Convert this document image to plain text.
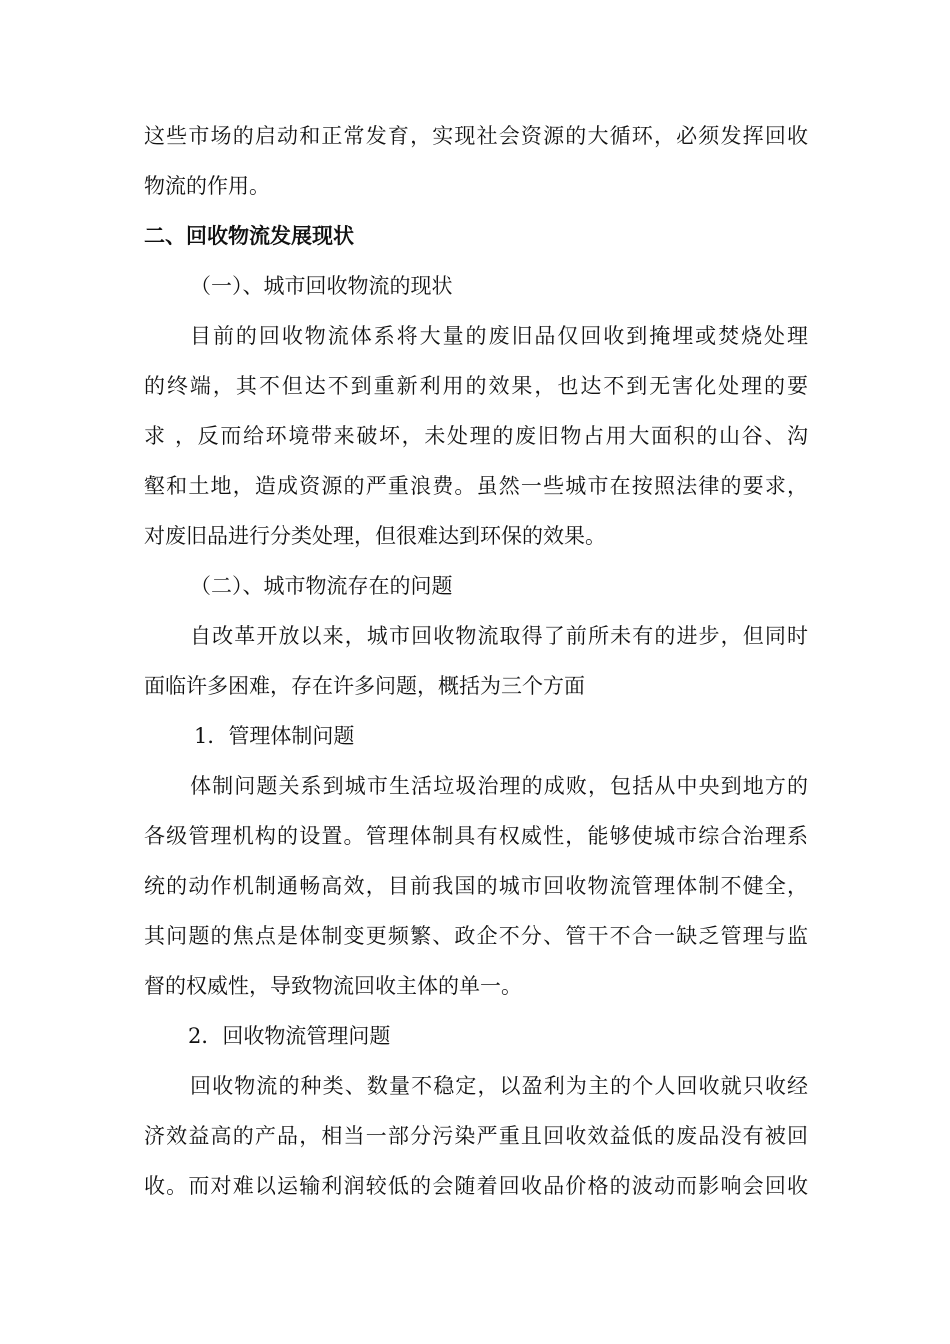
这些市场的启动和正常发育，实现社会资源的大循环，必须发挥回收
物流的作用。
二、回收物流发展现状
（一）、城市回收物流的现状
目前的回收物流体系将大量的废旧品仅回收到掩埋或焚烧处理
的终端，其不但达不到重新利用的效果，也达不到无害化处理的要
求 ，反而给环境带来破坏，未处理的废旧物占用大面积的山谷、沟
壑和土地，造成资源的严重浪费。虽然一些城市在按照法律的要求，
对废旧品进行分类处理，但很难达到环保的效果。
（二）、城市物流存在的问题
自改革开放以来，城市回收物流取得了前所未有的进步，但同时
面临许多困难，存在许多问题，概括为三个方面
1．管理体制问题
体制问题关系到城市生活垃圾治理的成败，包括从中央到地方的
各级管理机构的设置。管理体制具有权威性，能够使城市综合治理系
统的动作机制通畅高效，目前我国的城市回收物流管理体制不健全，
其问题的焦点是体制变更频繁、政企不分、管干不合一缺乏管理与监
督的权威性，导致物流回收主体的单一。
2．回收物流管理问题
回收物流的种类、数量不稳定，以盈利为主的个人回收就只收经
济效益高的产品，相当一部分污染严重且回收效益低的废品没有被回
收。而对难以运输利润较低的会随着回收品价格的波动而影响会回收
